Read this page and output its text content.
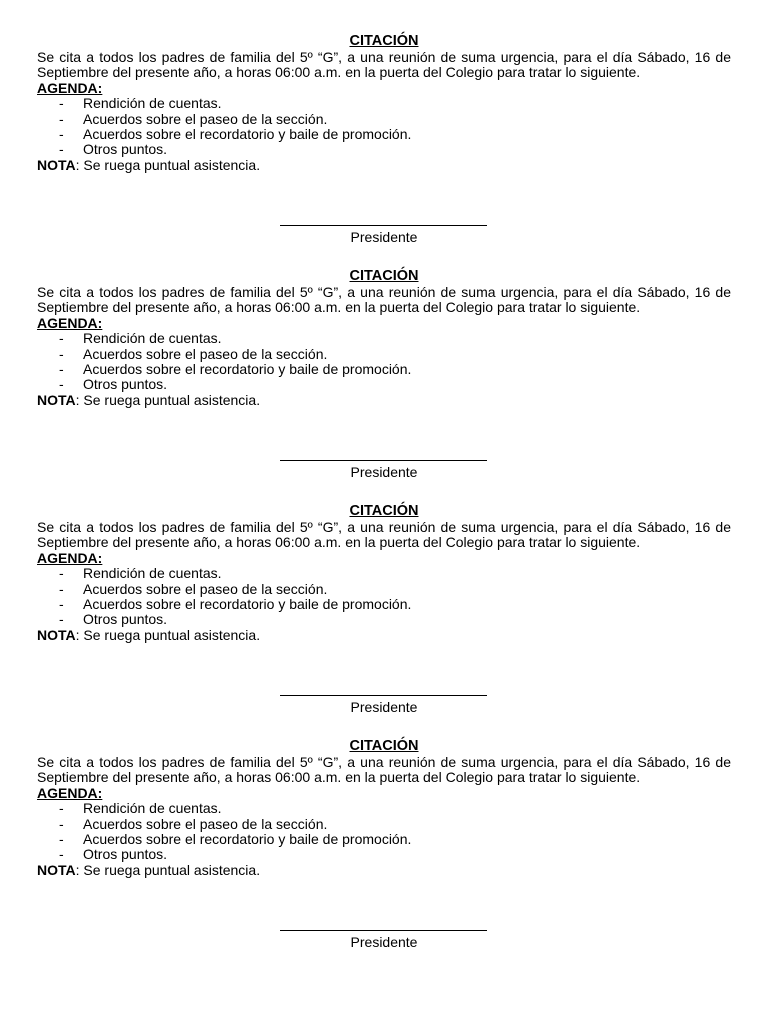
CITACIÓN
Se cita a todos los padres de familia del 5º “G”, a una reunión de suma urgencia, para el día Sábado, 16 de Septiembre del presente año, a horas 06:00 a.m. en la puerta del Colegio para tratar lo siguiente.
AGENDA:
- Rendición de cuentas.
- Acuerdos sobre el paseo de la sección.
- Acuerdos sobre el recordatorio y baile de promoción.
- Otros puntos.
NOTA: Se ruega puntual asistencia.
Presidente
CITACIÓN
Se cita a todos los padres de familia del 5º “G”, a una reunión de suma urgencia, para el día Sábado, 16 de Septiembre del presente año, a horas 06:00 a.m. en la puerta del Colegio para tratar lo siguiente.
AGENDA:
- Rendición de cuentas.
- Acuerdos sobre el paseo de la sección.
- Acuerdos sobre el recordatorio y baile de promoción.
- Otros puntos.
NOTA: Se ruega puntual asistencia.
Presidente
CITACIÓN
Se cita a todos los padres de familia del 5º “G”, a una reunión de suma urgencia, para el día Sábado, 16 de Septiembre del presente año, a horas 06:00 a.m. en la puerta del Colegio para tratar lo siguiente.
AGENDA:
- Rendición de cuentas.
- Acuerdos sobre el paseo de la sección.
- Acuerdos sobre el recordatorio y baile de promoción.
- Otros puntos.
NOTA: Se ruega puntual asistencia.
Presidente
CITACIÓN
Se cita a todos los padres de familia del 5º “G”, a una reunión de suma urgencia, para el día Sábado, 16 de Septiembre del presente año, a horas 06:00 a.m. en la puerta del Colegio para tratar lo siguiente.
AGENDA:
- Rendición de cuentas.
- Acuerdos sobre el paseo de la sección.
- Acuerdos sobre el recordatorio y baile de promoción.
- Otros puntos.
NOTA: Se ruega puntual asistencia.
Presidente
